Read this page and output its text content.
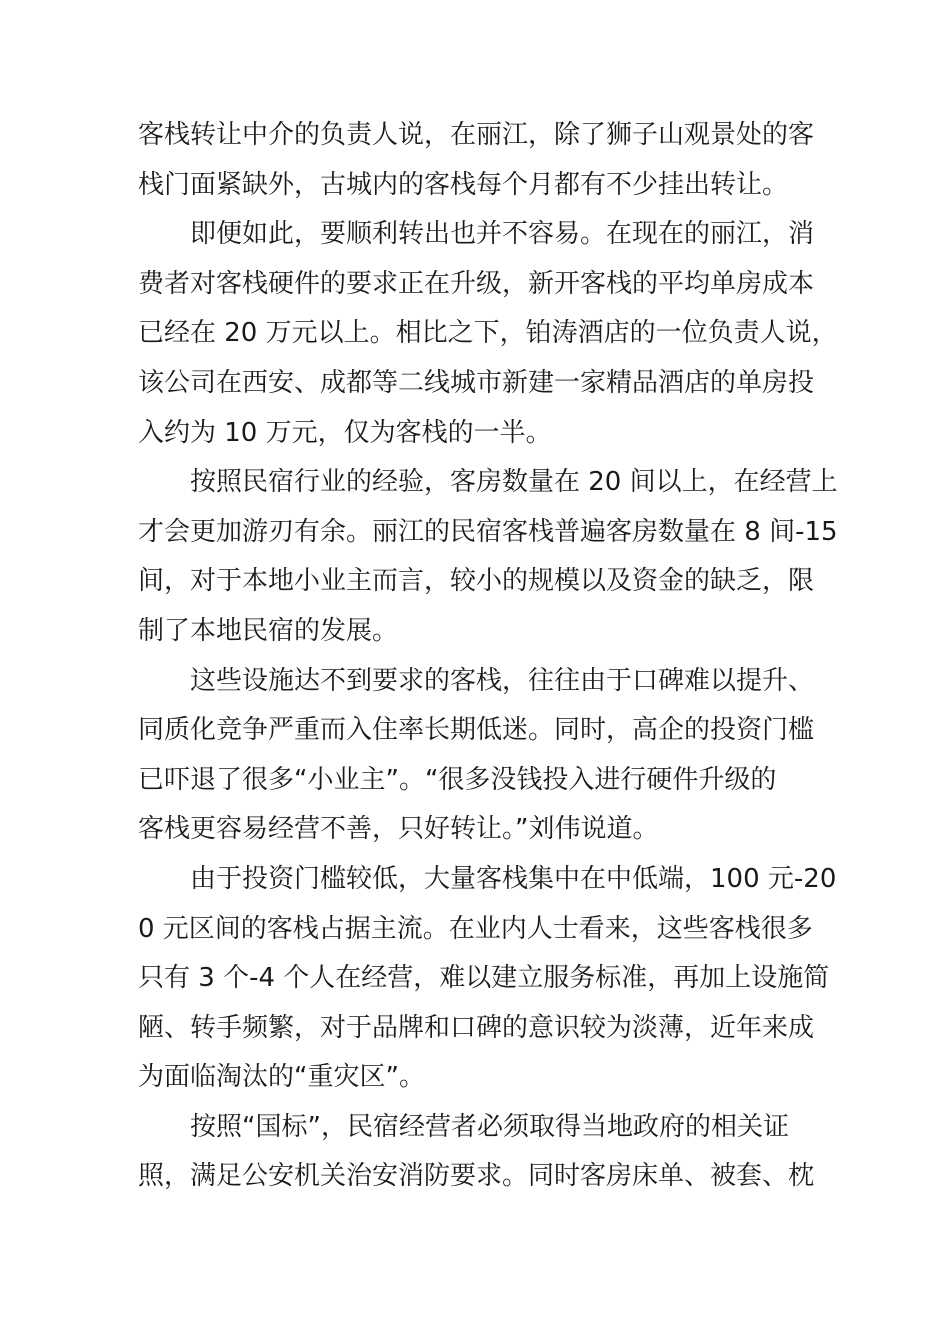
客栈转让中介的负责人说，在丽江，除了狮子山观景处的客
栈门面紧缺外，古城内的客栈每个月都有不少挂出转让。
即便如此，要顺利转出也并不容易。在现在的丽江，消
费者对客栈硬件的要求正在升级，新开客栈的平均单房成本
已经在 20 万元以上。相比之下，铂涛酒店的一位负责人说，
该公司在西安、成都等二线城市新建一家精品酒店的单房投
入约为 10 万元，仅为客栈的一半。
按照民宿行业的经验，客房数量在 20 间以上，在经营上
才会更加游刃有余。丽江的民宿客栈普遍客房数量在 8 间-15
间，对于本地小业主而言，较小的规模以及资金的缺乏，限
制了本地民宿的发展。
这些设施达不到要求的客栈，往往由于口碑难以提升、
同质化竞争严重而入住率长期低迷。同时，高企的投资门槛
已吓退了很多“小业主”。“很多没钱投入进行硬件升级的
客栈更容易经营不善，只好转让。”刘伟说道。
由于投资门槛较低，大量客栈集中在中低端，100 元-20
0 元区间的客栈占据主流。在业内人士看来，这些客栈很多
只有 3 个-4 个人在经营，难以建立服务标准，再加上设施简
陋、转手频繁，对于品牌和口碑的意识较为淡薄，近年来成
为面临淘汰的“重灾区”。
按照“国标”，民宿经营者必须取得当地政府的相关证
照，满足公安机关治安消防要求。同时客房床单、被套、枕
